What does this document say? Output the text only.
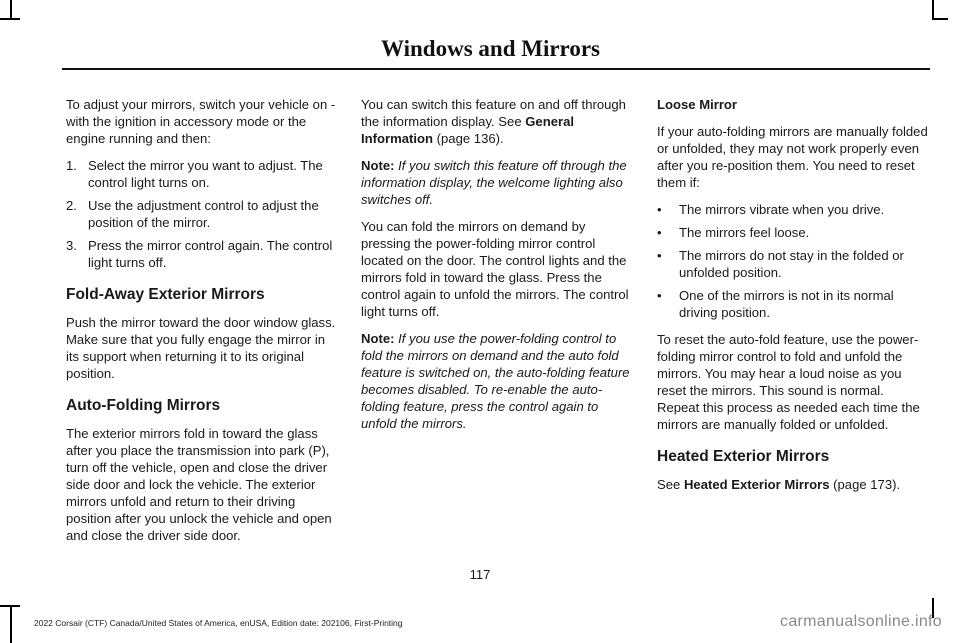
Windows and Mirrors

To adjust your mirrors, switch your vehicle on - with the ignition in accessory mode or the engine running and then:

1. Select the mirror you want to adjust. The control light turns on.
2. Use the adjustment control to adjust the position of the mirror.
3. Press the mirror control again. The control light turns off.
Fold-Away Exterior Mirrors

Push the mirror toward the door window glass. Make sure that you fully engage the mirror in its support when returning it to its original position.

Auto-Folding Mirrors

The exterior mirrors fold in toward the glass after you place the transmission into park (P), turn off the vehicle, open and close the driver side door and lock the vehicle. The exterior mirrors unfold and return to their driving position after you unlock the vehicle and open and close the driver side door.

You can switch this feature on and off through the information display. See General Information (page 136).

Note: If you switch this feature off through the information display, the welcome lighting also switches off.

You can fold the mirrors on demand by pressing the power-folding mirror control located on the door. The control lights and the mirrors fold in toward the glass. Press the control again to unfold the mirrors. The control light turns off.

Note: If you use the power-folding control to fold the mirrors on demand and the auto fold feature is switched on, the auto-folding feature becomes disabled. To re-enable the auto-folding feature, press the control again to unfold the mirrors.

Loose Mirror

If your auto-folding mirrors are manually folded or unfolded, they may not work properly even after you re-position them. You need to reset them if:

•	The mirrors vibrate when you drive.
•	The mirrors feel loose.
•	The mirrors do not stay in the folded or unfolded position.
•	One of the mirrors is not in its normal driving position.

To reset the auto-fold feature, use the power-folding mirror control to fold and unfold the mirrors. You may hear a loud noise as you reset the mirrors. This sound is normal. Repeat this process as needed each time the mirrors are manually folded or unfolded.

Heated Exterior Mirrors

See Heated Exterior Mirrors (page 173).

117
2022 Corsair (CTF) Canada/United States of America, enUSA, Edition date: 202106, First-Printing	carmanualsonline.info
